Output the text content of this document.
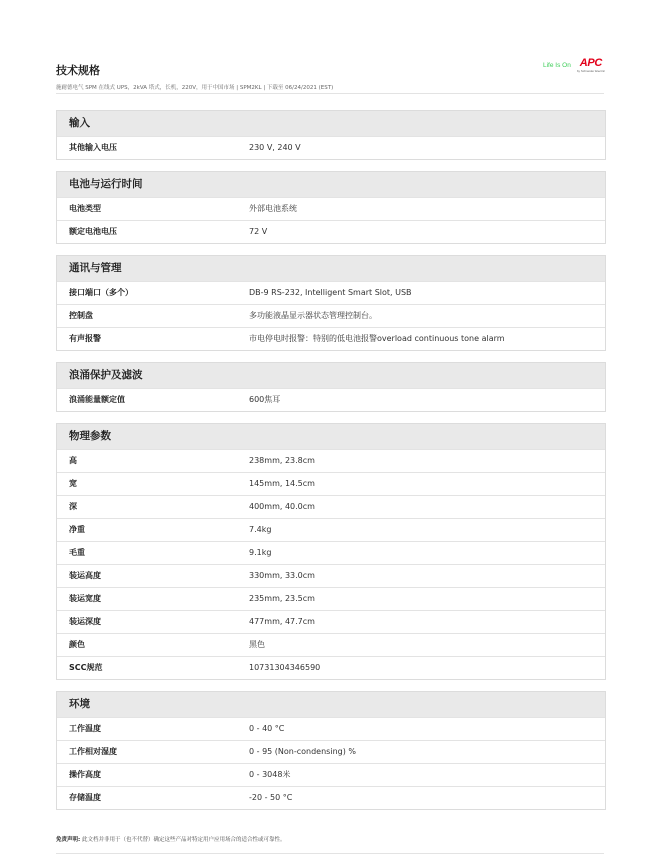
技术规格
施耐德电气 SPM 在线式 UPS，2kVA 塔式，长机，220V，用于中国市场 | SPM2KL | 下载至 06/24/2021 (EST)
Life Is On APC
by Schneider Electric
输入
其他输入电压	230 V, 240 V
电池与运行时间
电池类型	外部电池系统
额定电池电压	72 V
通讯与管理
接口端口（多个）	DB-9 RS-232, Intelligent Smart Slot, USB
控制盘	多功能液晶显示器状态管理控制台。
有声报警	市电停电时报警：特别的低电池报警overload continuous tone alarm
浪涌保护及滤波
浪涌能量额定值	600焦耳
物理参数
高	238mm, 23.8cm
宽	145mm, 14.5cm
深	400mm, 40.0cm
净重	7.4kg
毛重	9.1kg
装运高度	330mm, 33.0cm
装运宽度	235mm, 23.5cm
装运深度	477mm, 47.7cm
颜色	黑色
SCC规范	10731304346590
环境
工作温度	0 - 40 °C
工作相对湿度	0 - 95 (Non-condensing) %
操作高度	0 - 3048米
存储温度	-20 - 50 °C
免责声明: 此文档并非用于（也不代替）确定这些产品对特定用户应用场合的适合性或可靠性。
